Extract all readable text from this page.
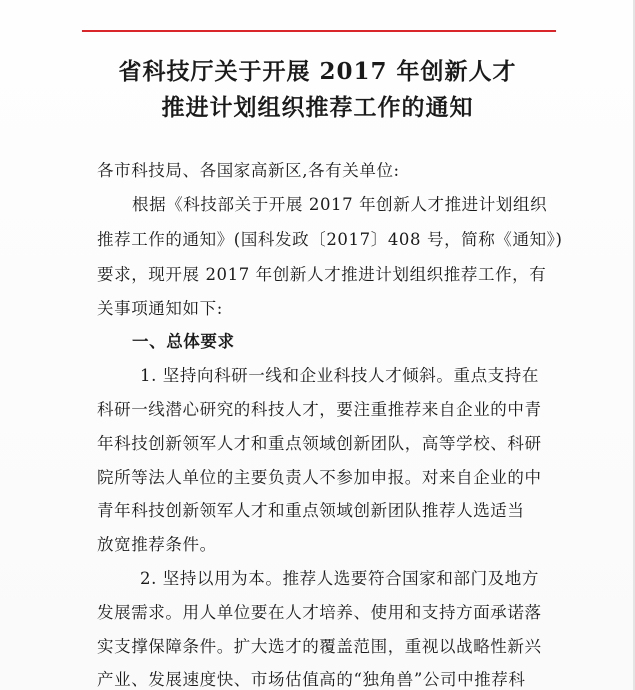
省科技厅关于开展 2017 年创新人才
推进计划组织推荐工作的通知
各市科技局、各国家高新区,各有关单位:
根据《科技部关于开展 2017 年创新人才推进计划组织
推荐工作的通知》(国科发政〔2017〕408 号，简称《通知》)
要求，现开展 2017 年创新人才推进计划组织推荐工作，有
关事项通知如下:
一、总体要求
1. 坚持向科研一线和企业科技人才倾斜。重点支持在
科研一线潜心研究的科技人才，要注重推荐来自企业的中青
年科技创新领军人才和重点领域创新团队，高等学校、科研
院所等法人单位的主要负责人不参加申报。对来自企业的中
青年科技创新领军人才和重点领域创新团队推荐人选适当
放宽推荐条件。
2. 坚持以用为本。推荐人选要符合国家和部门及地方
发展需求。用人单位要在人才培养、使用和支持方面承诺落
实支撑保障条件。扩大选才的覆盖范围，重视以战略性新兴
产业、发展速度快、市场估值高的“独角兽”公司中推荐科
